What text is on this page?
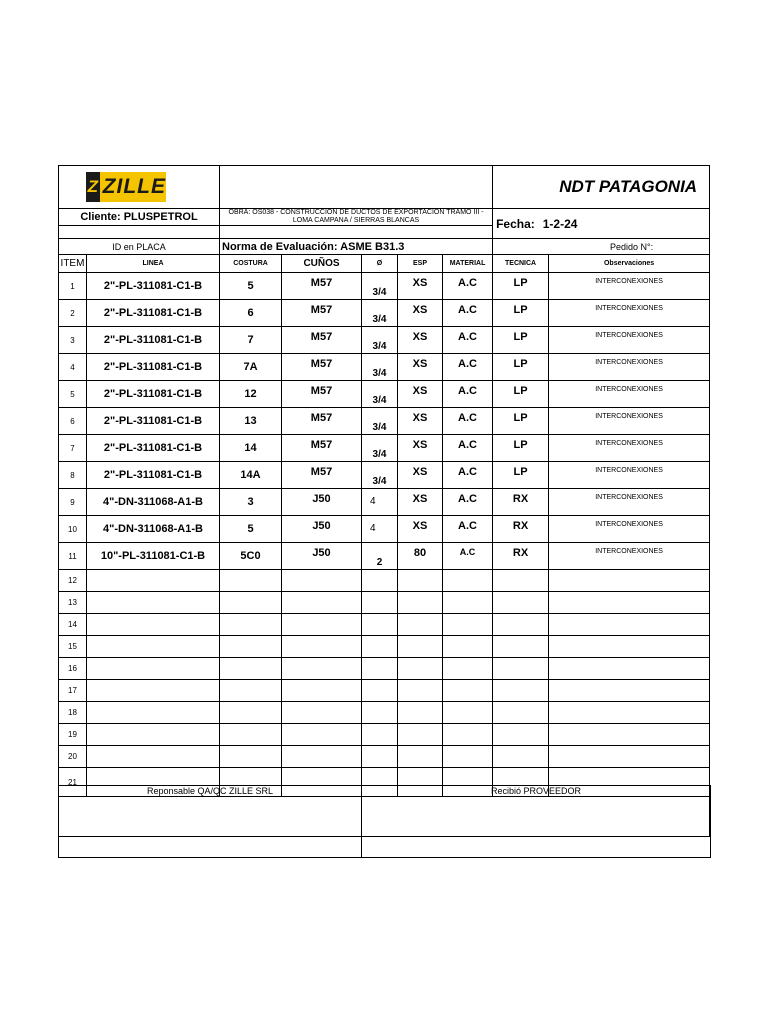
Z ZILLE							NDT PATAGONIA	
Cliente: PLUSPETROL		OBRA: OS038 - CONSTRUCCION DE DUCTOS DE EXPORTACION TRAMO III -
LOMA CAMPANA / SIERRAS BLANCAS					Fecha: 1-2-24	

ID en PLACA		Norma de Evaluación: ASME B31.3					Pedido N°:	
ITEM	LINEA	COSTURA	CUÑOS	Ø	ESP	MATERIAL	TECNICA	Observaciones
1	2"-PL-311081-C1-B	5	M57	3/4	XS	A.C	LP	INTERCONEXIONES
2	2"-PL-311081-C1-B	6	M57	3/4	XS	A.C	LP	INTERCONEXIONES
3	2"-PL-311081-C1-B	7	M57	3/4	XS	A.C	LP	INTERCONEXIONES
4	2"-PL-311081-C1-B	7A	M57	3/4	XS	A.C	LP	INTERCONEXIONES
5	2"-PL-311081-C1-B	12	M57	3/4	XS	A.C	LP	INTERCONEXIONES
6	2"-PL-311081-C1-B	13	M57	3/4	XS	A.C	LP	INTERCONEXIONES
7	2"-PL-311081-C1-B	14	M57	3/4	XS	A.C	LP	INTERCONEXIONES
8	2"-PL-311081-C1-B	14A	M57	3/4	XS	A.C	LP	INTERCONEXIONES
9	4"-DN-311068-A1-B	3	J50	4	XS	A.C	RX	INTERCONEXIONES
10	4"-DN-311068-A1-B	5	J50	4	XS	A.C	RX	INTERCONEXIONES
11	10"-PL-311081-C1-B	5C0	J50	2	80	A.C	RX	INTERCONEXIONES
12								
13								
14								
15								
16								
17								
18								
19								
20								
21								

Reponsable QA/QC ZILLE SRL	Recibió PROVEEDOR
